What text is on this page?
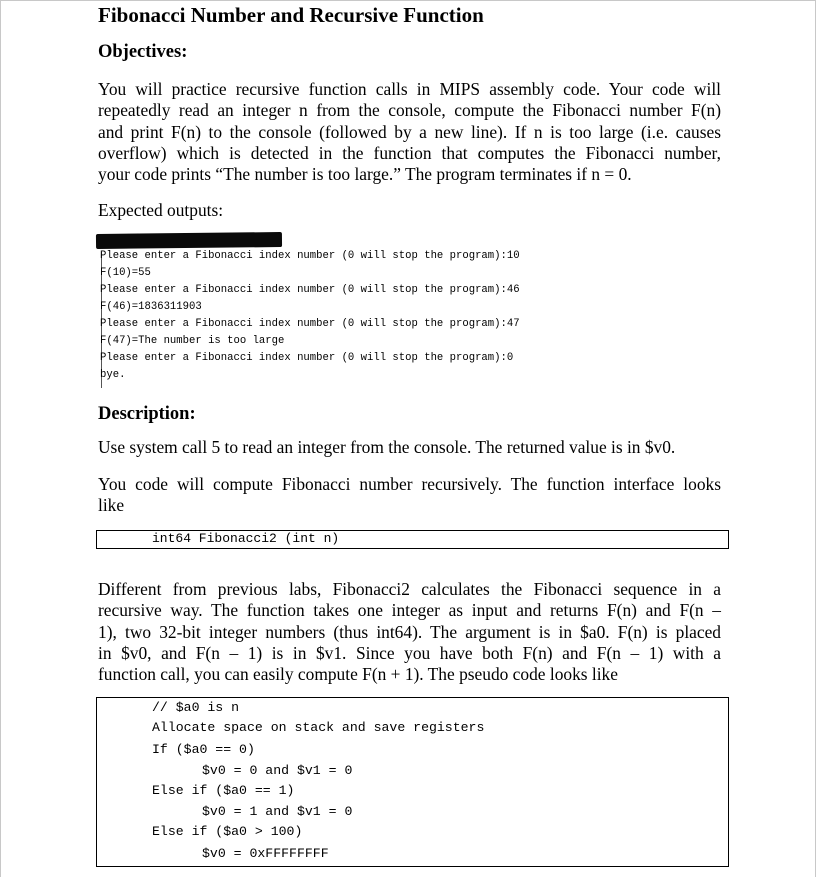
Fibonacci Number and Recursive Function
Objectives:
You will practice recursive function calls in MIPS assembly code. Your code will
repeatedly read an integer n from the console, compute the Fibonacci number F(n)
and print F(n) to the console (followed by a new line). If n is too large (i.e. causes
overflow) which is detected in the function that computes the Fibonacci number,
your code prints “The number is too large.” The program terminates if n = 0.
Expected outputs:
Please enter a Fibonacci index number (0 will stop the program):10
F(10)=55
Please enter a Fibonacci index number (0 will stop the program):46
F(46)=1836311903
Please enter a Fibonacci index number (0 will stop the program):47
F(47)=The number is too large
Please enter a Fibonacci index number (0 will stop the program):0
bye.
Description:
Use system call 5 to read an integer from the console. The returned value is in $v0.
You code will compute Fibonacci number recursively. The function interface looks
like
int64 Fibonacci2 (int n)
Different from previous labs, Fibonacci2 calculates the Fibonacci sequence in a
recursive way. The function takes one integer as input and returns F(n) and F(n –
1), two 32-bit integer numbers (thus int64). The argument is in $a0. F(n) is placed
in $v0, and F(n – 1) is in $v1. Since you have both F(n) and F(n – 1) with a
function call, you can easily compute F(n + 1). The pseudo code looks like
// $a0 is n
Allocate space on stack and save registers
If ($a0 == 0)
$v0 = 0 and $v1 = 0
Else if ($a0 == 1)
$v0 = 1 and $v1 = 0
Else if ($a0 > 100)
$v0 = 0xFFFFFFFF
